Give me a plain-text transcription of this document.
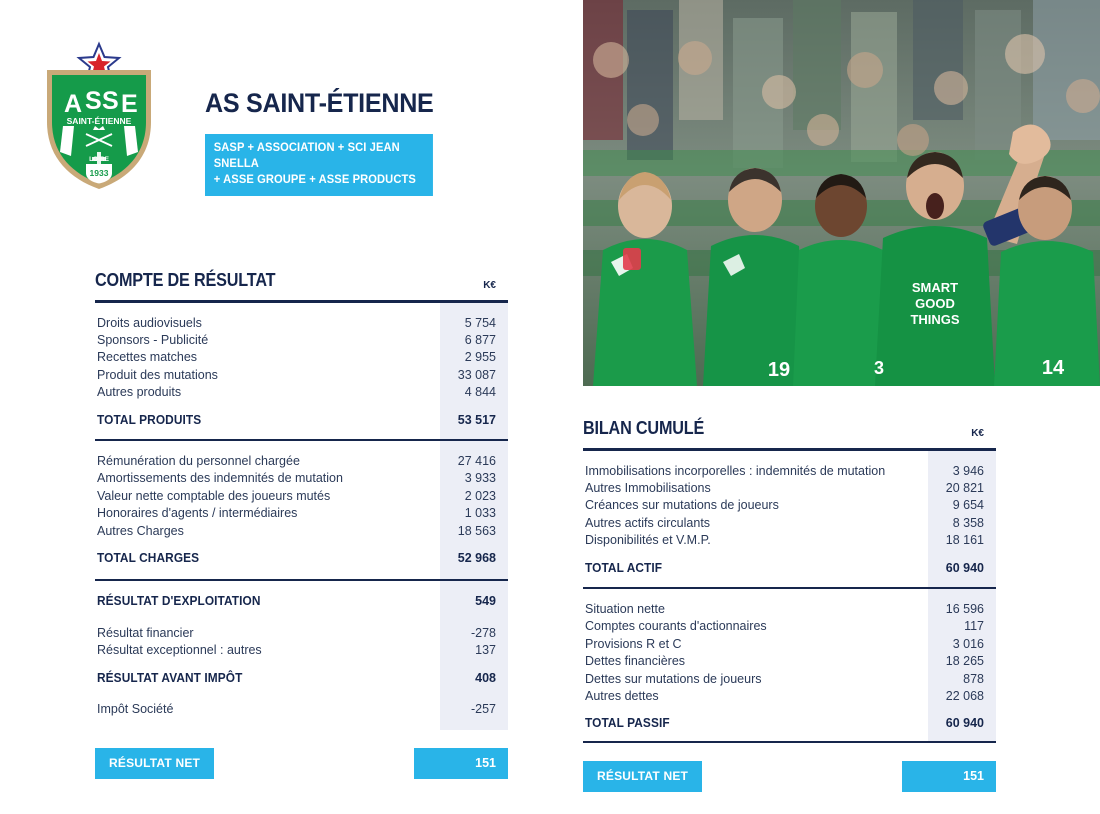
A S S E
SAINT-ÉTIENNE
LOIRE
1933
AS SAINT-ÉTIENNE
SASP + ASSOCIATION + SCI JEAN SNELLA
+ ASSE GROUPE + ASSE PRODUCTS
SMART
GOOD
THINGS
14
19	3
COMPTE DE RÉSULTAT	K€
Droits audiovisuels	5 754
Sponsors - Publicité	6 877
Recettes matches	2 955
Produit des mutations	33 087
Autres produits	4 844
TOTAL PRODUITS	53 517
Rémunération du personnel chargée	27 416
Amortissements des indemnités de mutation	3 933
Valeur nette comptable des joueurs mutés	2 023
Honoraires d'agents / intermédiaires	1 033
Autres Charges	18 563
TOTAL CHARGES	52 968
RÉSULTAT D'EXPLOITATION	549
Résultat financier	-278
Résultat exceptionnel : autres	137
RÉSULTAT AVANT IMPÔT	408
Impôt Société	-257
RÉSULTAT NET	151
BILAN CUMULÉ	K€
Immobilisations incorporelles : indemnités de mutation	3 946
Autres Immobilisations	20 821
Créances sur mutations de joueurs	9 654
Autres actifs circulants	8 358
Disponibilités et V.M.P.	18 161
TOTAL ACTIF	60 940
Situation nette	16 596
Comptes courants d'actionnaires	117
Provisions R et C	3 016
Dettes financières	18 265
Dettes sur mutations de joueurs	878
Autres dettes	22 068
TOTAL PASSIF	60 940
RÉSULTAT NET	151
